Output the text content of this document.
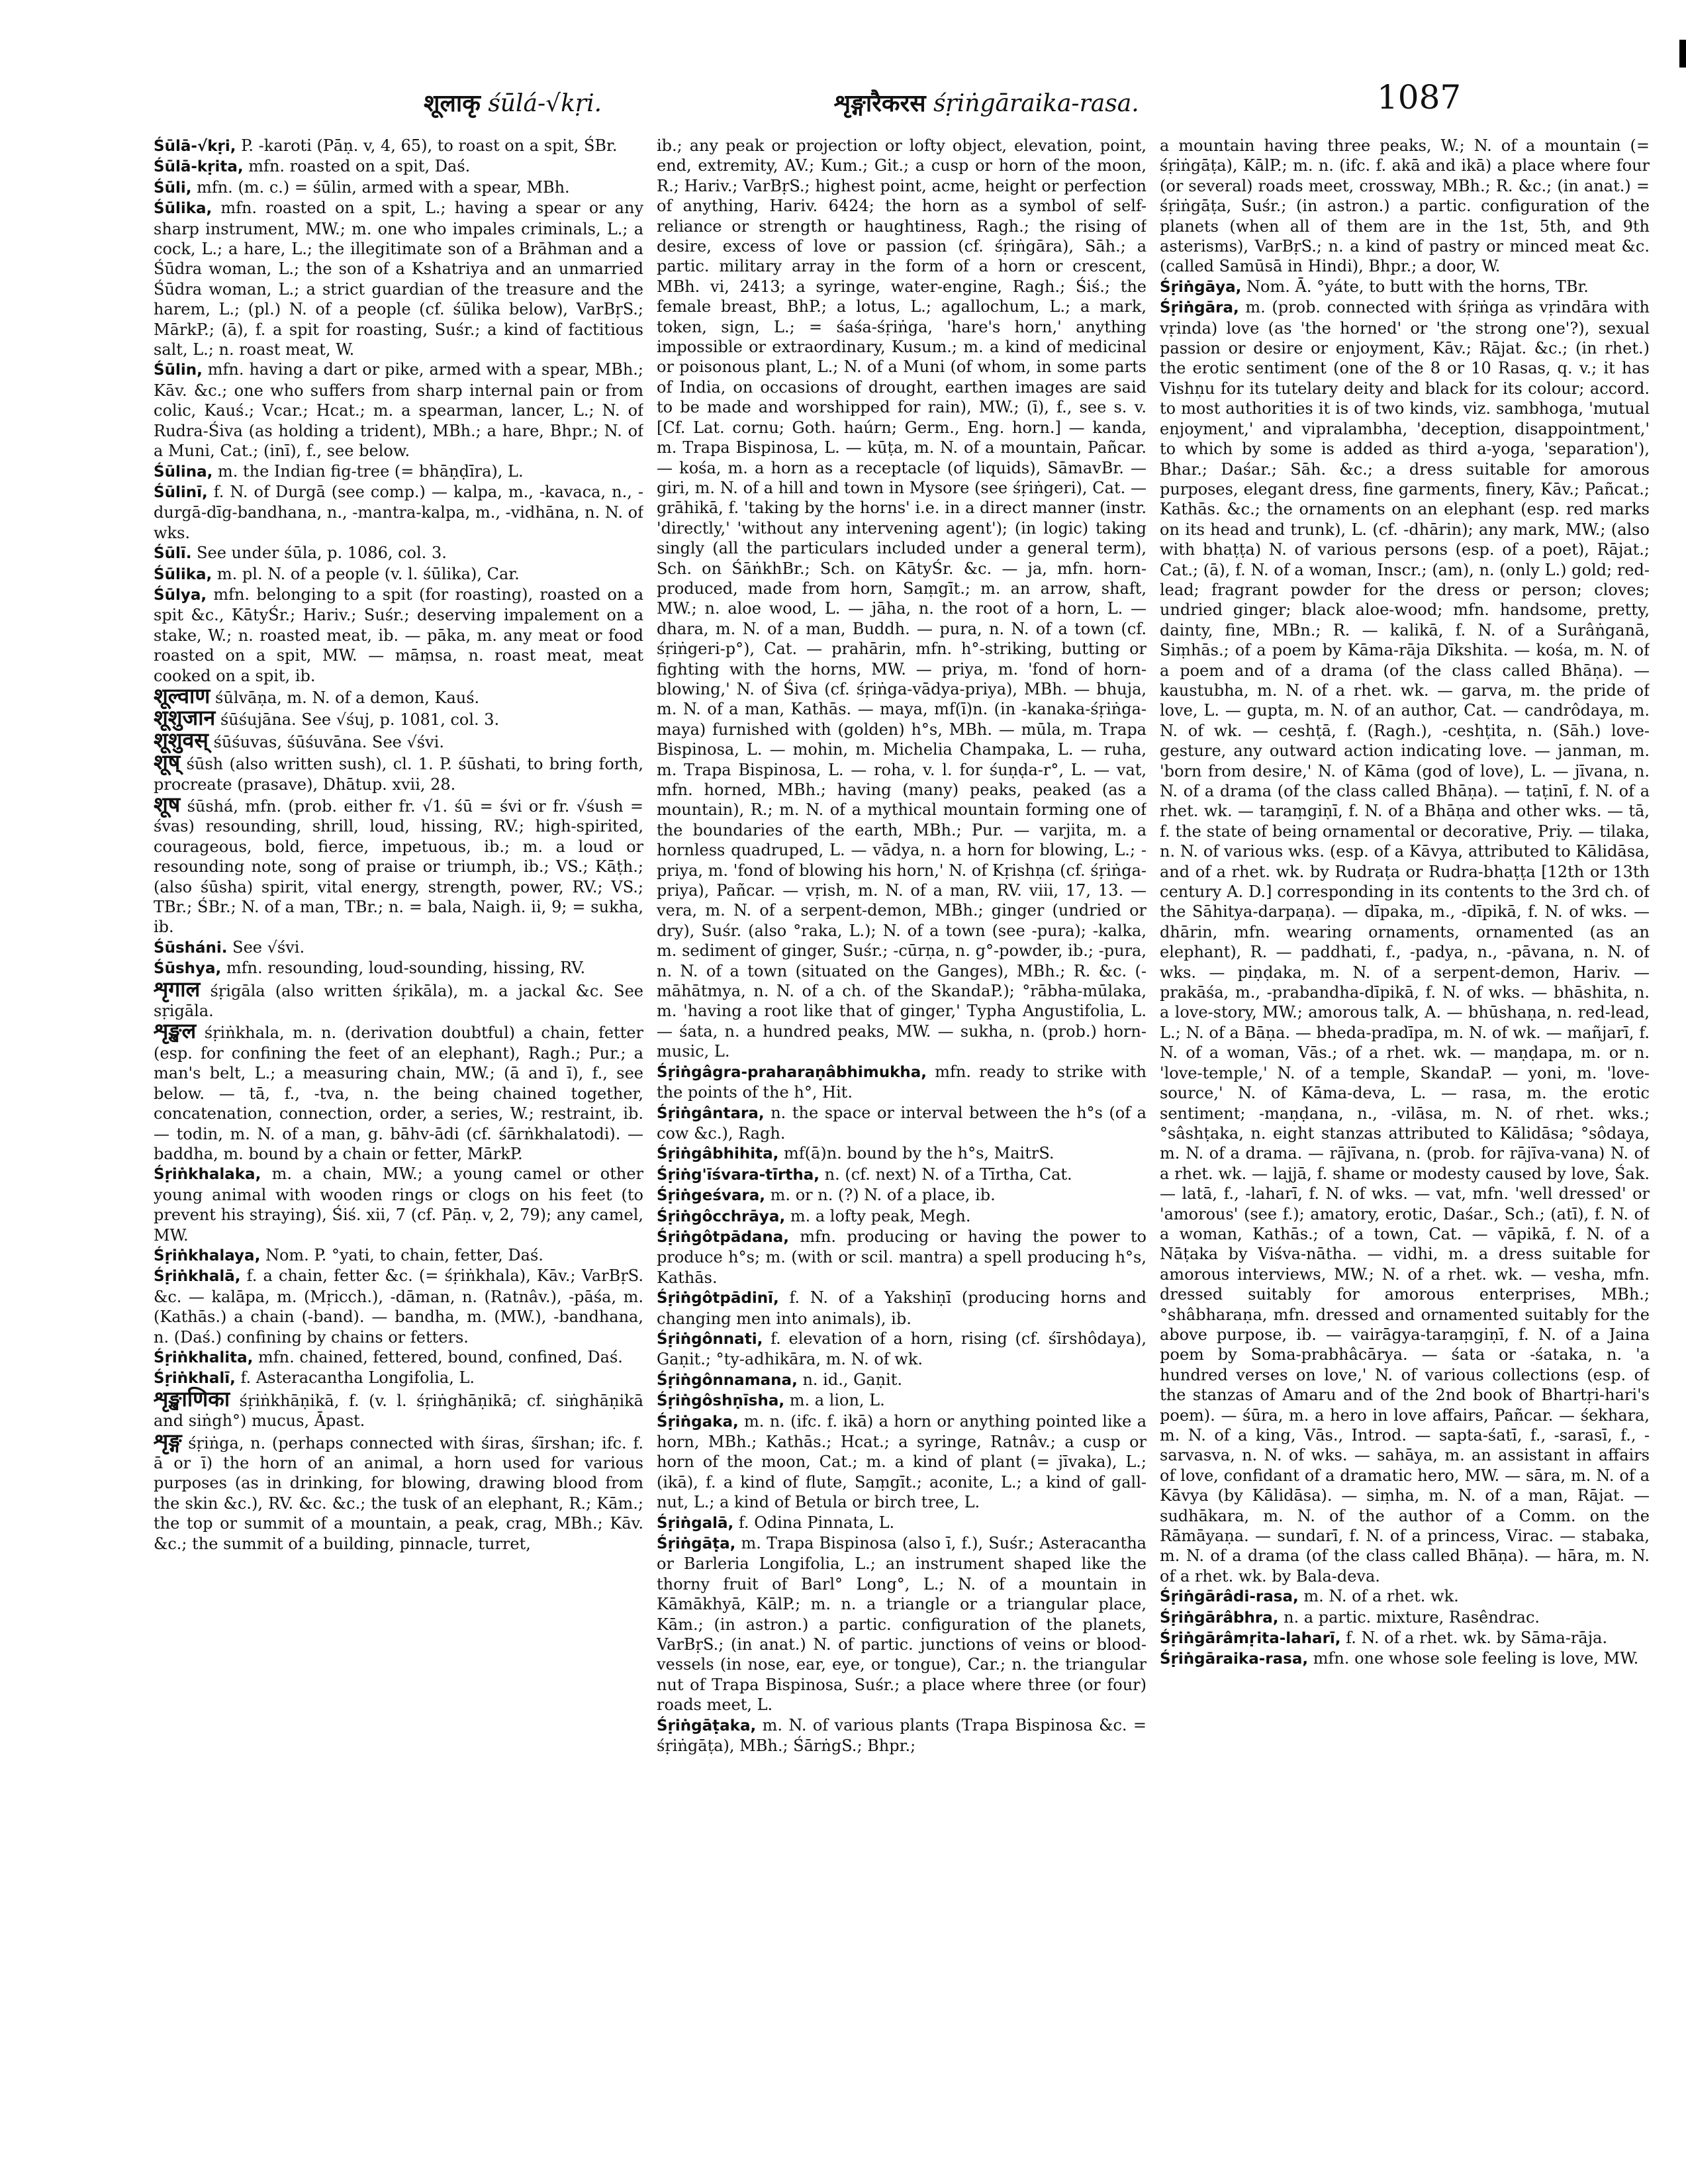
शूलाकृ śūlá-√kṛi.	शृङ्गारैकरस śṛiṅgāraika-rasa.	1087

Śūlā-√kṛi, P. -karoti (Pāṇ. v, 4, 65), to roast on a spit, ŚBr.

Śūlā-kṛita, mfn. roasted on a spit, Daś.

Śūli, mfn. (m. c.) = śūlin, armed with a spear, MBh.

Śūlika, mfn. roasted on a spit, L.; having a spear or any sharp instrument, MW.; m. one who impales criminals, L.; a cock, L.; a hare, L.; the illegitimate son of a Brāhman and a Śūdra woman, L.; the son of a Kshatriya and an unmarried Śūdra woman, L.; a strict guardian of the treasure and the harem, L.; (pl.) N. of a people (cf. śūlika below), VarBṛS.; MārkP.; (ā), f. a spit for roasting, Suśr.; a kind of factitious salt, L.; n. roast meat, W.

Śūlin, mfn. having a dart or pike, armed with a spear, MBh.; Kāv. &c.; one who suffers from sharp internal pain or from colic, Kauś.; Vcar.; Hcat.; m. a spearman, lancer, L.; N. of Rudra-Śiva (as holding a trident), MBh.; a hare, Bhpr.; N. of a Muni, Cat.; (inī), f., see below.

Śūlina, m. the Indian fig-tree (= bhāṇḍīra), L.

Śūlinī, f. N. of Durgā (see comp.) — kalpa, m., -kavaca, n., -durgā-dīg-bandhana, n., -mantra-kalpa, m., -vidhāna, n. N. of wks.

Śūlī. See under śūla, p. 1086, col. 3.

Śūlika, m. pl. N. of a people (v. l. śūlika), Car.

Śūlya, mfn. belonging to a spit (for roasting), roasted on a spit &c., KātyŚr.; Hariv.; Suśr.; deserving impalement on a stake, W.; n. roasted meat, ib. — pāka, m. any meat or food roasted on a spit, MW. — māṃsa, n. roast meat, meat cooked on a spit, ib.

शूल्वाण śūlvāṇa, m. N. of a demon, Kauś.

शूशुजान śūśujāna. See √śuj, p. 1081, col. 3.

शूशुवस् śūśuvas, śūśuvāna. See √śvi.

शूष् śūsh (also written sush), cl. 1. P. śūshati, to bring forth, procreate (prasave), Dhātup. xvii, 28.

शूष śūshá, mfn. (prob. either fr. √1. śū = śvi or fr. √śush = śvas) resounding, shrill, loud, hissing, RV.; high-spirited, courageous, bold, fierce, impetuous, ib.; m. a loud or resounding note, song of praise or triumph, ib.; VS.; Kāṭh.; (also śūsha) spirit, vital energy, strength, power, RV.; VS.; TBr.; ŚBr.; N. of a man, TBr.; n. = bala, Naigh. ii, 9; = sukha, ib.

Śūsháni. See √śvi.

Śūshya, mfn. resounding, loud-sounding, hissing, RV.

शृगाल śṛigāla (also written śṛikāla), m. a jackal &c. See sṛigāla.

शृङ्खल śṛiṅkhala, m. n. (derivation doubtful) a chain, fetter (esp. for confining the feet of an elephant), Ragh.; Pur.; a man's belt, L.; a measuring chain, MW.; (ā and ī), f., see below. — tā, f., -tva, n. the being chained together, concatenation, connection, order, a series, W.; restraint, ib. — todin, m. N. of a man, g. bāhv-ādi (cf. śārṅkhalatodi). — baddha, m. bound by a chain or fetter, MārkP.

Śṛiṅkhalaka, m. a chain, MW.; a young camel or other young animal with wooden rings or clogs on his feet (to prevent his straying), Śiś. xii, 7 (cf. Pāṇ. v, 2, 79); any camel, MW.

Śṛiṅkhalaya, Nom. P. °yati, to chain, fetter, Daś.

Śṛiṅkhalā, f. a chain, fetter &c. (= śṛiṅkhala), Kāv.; VarBṛS. &c. — kalāpa, m. (Mṛicch.), -dāman, n. (Ratnâv.), -pāśa, m. (Kathās.) a chain (-band). — bandha, m. (MW.), -bandhana, n. (Daś.) confining by chains or fetters.

Śṛiṅkhalita, mfn. chained, fettered, bound, confined, Daś.

Śṛiṅkhalī, f. Asteracantha Longifolia, L.

शृङ्खाणिका śṛiṅkhāṇikā, f. (v. l. śṛiṅghāṇikā; cf. siṅghāṇikā and siṅgh°) mucus, Āpast.

शृङ्ग śṛiṅga, n. (perhaps connected with śiras, śīrshan; ifc. f. ā or ī) the horn of an animal, a horn used for various purposes (as in drinking, for blowing, drawing blood from the skin &c.), RV. &c. &c.; the tusk of an elephant, R.; Kām.; the top or summit of a mountain, a peak, crag, MBh.; Kāv. &c.; the summit of a building, pinnacle, turret,

ib.; any peak or projection or lofty object, elevation, point, end, extremity, AV.; Kum.; Git.; a cusp or horn of the moon, R.; Hariv.; VarBṛS.; highest point, acme, height or perfection of anything, Hariv. 6424; the horn as a symbol of self-reliance or strength or haughtiness, Ragh.; the rising of desire, excess of love or passion (cf. śṛiṅgāra), Sāh.; a partic. military array in the form of a horn or crescent, MBh. vi, 2413; a syringe, water-engine, Ragh.; Śiś.; the female breast, BhP.; a lotus, L.; agallochum, L.; a mark, token, sign, L.; = śaśa-śṛiṅga, 'hare's horn,' anything impossible or extraordinary, Kusum.; m. a kind of medicinal or poisonous plant, L.; N. of a Muni (of whom, in some parts of India, on occasions of drought, earthen images are said to be made and worshipped for rain), MW.; (ī), f., see s. v. [Cf. Lat. cornu; Goth. haúrn; Germ., Eng. horn.] — kanda, m. Trapa Bispinosa, L. — kūṭa, m. N. of a mountain, Pañcar. — kośa, m. a horn as a receptacle (of liquids), SāmavBr. — giri, m. N. of a hill and town in Mysore (see śṛiṅgeri), Cat. — grāhikā, f. 'taking by the horns' i.e. in a direct manner (instr. 'directly,' 'without any intervening agent'); (in logic) taking singly (all the particulars included under a general term), Sch. on ŚāṅkhBr.; Sch. on KātyŚr. &c. — ja, mfn. horn-produced, made from horn, Saṃgīt.; m. an arrow, shaft, MW.; n. aloe wood, L. — jāha, n. the root of a horn, L. — dhara, m. N. of a man, Buddh. — pura, n. N. of a town (cf. śṛiṅgeri-p°), Cat. — prahārin, mfn. h°-striking, butting or fighting with the horns, MW. — priya, m. 'fond of horn-blowing,' N. of Śiva (cf. śṛiṅga-vādya-priya), MBh. — bhuja, m. N. of a man, Kathās. — maya, mf(ī)n. (in -kanaka-śṛiṅga-maya) furnished with (golden) h°s, MBh. — mūla, m. Trapa Bispinosa, L. — mohin, m. Michelia Champaka, L. — ruha, m. Trapa Bispinosa, L. — roha, v. l. for śuṇḍa-r°, L. — vat, mfn. horned, MBh.; having (many) peaks, peaked (as a mountain), R.; m. N. of a mythical mountain forming one of the boundaries of the earth, MBh.; Pur. — varjita, m. a hornless quadruped, L. — vādya, n. a horn for blowing, L.; -priya, m. 'fond of blowing his horn,' N. of Kṛishṇa (cf. śṛiṅga-priya), Pañcar. — vṛish, m. N. of a man, RV. viii, 17, 13. — vera, m. N. of a serpent-demon, MBh.; ginger (undried or dry), Suśr. (also °raka, L.); N. of a town (see -pura); -kalka, m. sediment of ginger, Suśr.; -cūrṇa, n. g°-powder, ib.; -pura, n. N. of a town (situated on the Ganges), MBh.; R. &c. (-māhātmya, n. N. of a ch. of the SkandaP.); °rābha-mūlaka, m. 'having a root like that of ginger,' Typha Angustifolia, L. — śata, n. a hundred peaks, MW. — sukha, n. (prob.) horn-music, L.

Śṛiṅgâgra-praharaṇâbhimukha, mfn. ready to strike with the points of the h°, Hit.

Śṛiṅgântara, n. the space or interval between the h°s (of a cow &c.), Ragh.

Śṛiṅgâbhihita, mf(ā)n. bound by the h°s, MaitrS.

Śṛiṅg'īśvara-tīrtha, n. (cf. next) N. of a Tīrtha, Cat.

Śṛiṅgeśvara, m. or n. (?) N. of a place, ib.

Śṛiṅgôcchrāya, m. a lofty peak, Megh.

Śṛiṅgôtpādana, mfn. producing or having the power to produce h°s; m. (with or scil. mantra) a spell producing h°s, Kathās.

Śṛiṅgôtpādinī, f. N. of a Yakshiṇī (producing horns and changing men into animals), ib.

Śṛiṅgônnati, f. elevation of a horn, rising (cf. śīrshôdaya), Gaṇit.; °ty-adhikāra, m. N. of wk.

Śṛiṅgônnamana, n. id., Gaṇit.

Śṛiṅgôshṇīsha, m. a lion, L.

Śṛiṅgaka, m. n. (ifc. f. ikā) a horn or anything pointed like a horn, MBh.; Kathās.; Hcat.; a syringe, Ratnâv.; a cusp or horn of the moon, Cat.; m. a kind of plant (= jīvaka), L.; (ikā), f. a kind of flute, Saṃgīt.; aconite, L.; a kind of gall-nut, L.; a kind of Betula or birch tree, L.

Śṛiṅgalā, f. Odina Pinnata, L.

Śṛiṅgāṭa, m. Trapa Bispinosa (also ī, f.), Suśr.; Asteracantha or Barleria Longifolia, L.; an instrument shaped like the thorny fruit of Barl° Long°, L.; N. of a mountain in Kāmākhyā, KālP.; m. n. a triangle or a triangular place, Kām.; (in astron.) a partic. configuration of the planets, VarBṛS.; (in anat.) N. of partic. junctions of veins or blood-vessels (in nose, ear, eye, or tongue), Car.; n. the triangular nut of Trapa Bispinosa, Suśr.; a place where three (or four) roads meet, L.

Śṛiṅgāṭaka, m. N. of various plants (Trapa Bispinosa &c. = śṛiṅgāṭa), MBh.; ŚārṅgS.; Bhpr.;

a mountain having three peaks, W.; N. of a mountain (= śṛiṅgāṭa), KālP.; m. n. (ifc. f. akā and ikā) a place where four (or several) roads meet, crossway, MBh.; R. &c.; (in anat.) = śṛiṅgāṭa, Suśr.; (in astron.) a partic. configuration of the planets (when all of them are in the 1st, 5th, and 9th asterisms), VarBṛS.; n. a kind of pastry or minced meat &c. (called Samūsā in Hindi), Bhpr.; a door, W.

Śṛiṅgāya, Nom. Ā. °yáte, to butt with the horns, TBr.

Śṛiṅgāra, m. (prob. connected with śṛiṅga as vṛindāra with vṛinda) love (as 'the horned' or 'the strong one'?), sexual passion or desire or enjoyment, Kāv.; Rājat. &c.; (in rhet.) the erotic sentiment (one of the 8 or 10 Rasas, q. v.; it has Vishṇu for its tutelary deity and black for its colour; accord. to most authorities it is of two kinds, viz. sambhoga, 'mutual enjoyment,' and vipralambha, 'deception, disappointment,' to which by some is added as third a-yoga, 'separation'), Bhar.; Daśar.; Sāh. &c.; a dress suitable for amorous purposes, elegant dress, fine garments, finery, Kāv.; Pañcat.; Kathās. &c.; the ornaments on an elephant (esp. red marks on its head and trunk), L. (cf. -dhārin); any mark, MW.; (also with bhaṭṭa) N. of various persons (esp. of a poet), Rājat.; Cat.; (ā), f. N. of a woman, Inscr.; (am), n. (only L.) gold; red-lead; fragrant powder for the dress or person; cloves; undried ginger; black aloe-wood; mfn. handsome, pretty, dainty, fine, MBn.; R. — kalikā, f. N. of a Surâṅganā, Siṃhās.; of a poem by Kāma-rāja Dīkshita. — kośa, m. N. of a poem and of a drama (of the class called Bhāṇa). — kaustubha, m. N. of a rhet. wk. — garva, m. the pride of love, L. — gupta, m. N. of an author, Cat. — candrôdaya, m. N. of wk. — ceshṭā, f. (Ragh.), -ceshṭita, n. (Sāh.) love-gesture, any outward action indicating love. — janman, m. 'born from desire,' N. of Kāma (god of love), L. — jīvana, n. N. of a drama (of the class called Bhāṇa). — taṭinī, f. N. of a rhet. wk. — taraṃgiṇī, f. N. of a Bhāṇa and other wks. — tā, f. the state of being ornamental or decorative, Priy. — tilaka, n. N. of various wks. (esp. of a Kāvya, attributed to Kālidāsa, and of a rhet. wk. by Rudraṭa or Rudra-bhaṭṭa [12th or 13th century A. D.] corresponding in its contents to the 3rd ch. of the Sāhitya-darpaṇa). — dīpaka, m., -dīpikā, f. N. of wks. — dhārin, mfn. wearing ornaments, ornamented (as an elephant), R. — paddhati, f., -padya, n., -pāvana, n. N. of wks. — piṇḍaka, m. N. of a serpent-demon, Hariv. — prakāśa, m., -prabandha-dīpikā, f. N. of wks. — bhāshita, n. a love-story, MW.; amorous talk, A. — bhūshaṇa, n. red-lead, L.; N. of a Bāṇa. — bheda-pradīpa, m. N. of wk. — mañjarī, f. N. of a woman, Vās.; of a rhet. wk. — maṇḍapa, m. or n. 'love-temple,' N. of a temple, SkandaP. — yoni, m. 'love-source,' N. of Kāma-deva, L. — rasa, m. the erotic sentiment; -maṇḍana, n., -vilāsa, m. N. of rhet. wks.; °sâshṭaka, n. eight stanzas attributed to Kālidāsa; °sôdaya, m. N. of a drama. — rājīvana, n. (prob. for rājīva-vana) N. of a rhet. wk. — lajjā, f. shame or modesty caused by love, Śak. — latā, f., -laharī, f. N. of wks. — vat, mfn. 'well dressed' or 'amorous' (see f.); amatory, erotic, Daśar., Sch.; (atī), f. N. of a woman, Kathās.; of a town, Cat. — vāpikā, f. N. of a Nāṭaka by Viśva-nātha. — vidhi, m. a dress suitable for amorous interviews, MW.; N. of a rhet. wk. — vesha, mfn. dressed suitably for amorous enterprises, MBh.; °shâbharaṇa, mfn. dressed and ornamented suitably for the above purpose, ib. — vairāgya-taraṃgiṇī, f. N. of a Jaina poem by Soma-prabhâcārya. — śata or -śataka, n. 'a hundred verses on love,' N. of various collections (esp. of the stanzas of Amaru and of the 2nd book of Bhartṛi-hari's poem). — śūra, m. a hero in love affairs, Pañcar. — śekhara, m. N. of a king, Vās., Introd. — sapta-śatī, f., -sarasī, f., -sarvasva, n. N. of wks. — sahāya, m. an assistant in affairs of love, confidant of a dramatic hero, MW. — sāra, m. N. of a Kāvya (by Kālidāsa). — siṃha, m. N. of a man, Rājat. — sudhākara, m. N. of the author of a Comm. on the Rāmāyaṇa. — sundarī, f. N. of a princess, Virac. — stabaka, m. N. of a drama (of the class called Bhāṇa). — hāra, m. N. of a rhet. wk. by Bala-deva.

Śṛiṅgārâdi-rasa, m. N. of a rhet. wk.

Śṛiṅgārâbhra, n. a partic. mixture, Rasêndrac.

Śṛiṅgārâmṛita-laharī, f. N. of a rhet. wk. by Sāma-rāja.

Śṛiṅgāraika-rasa, mfn. one whose sole feeling is love, MW.
